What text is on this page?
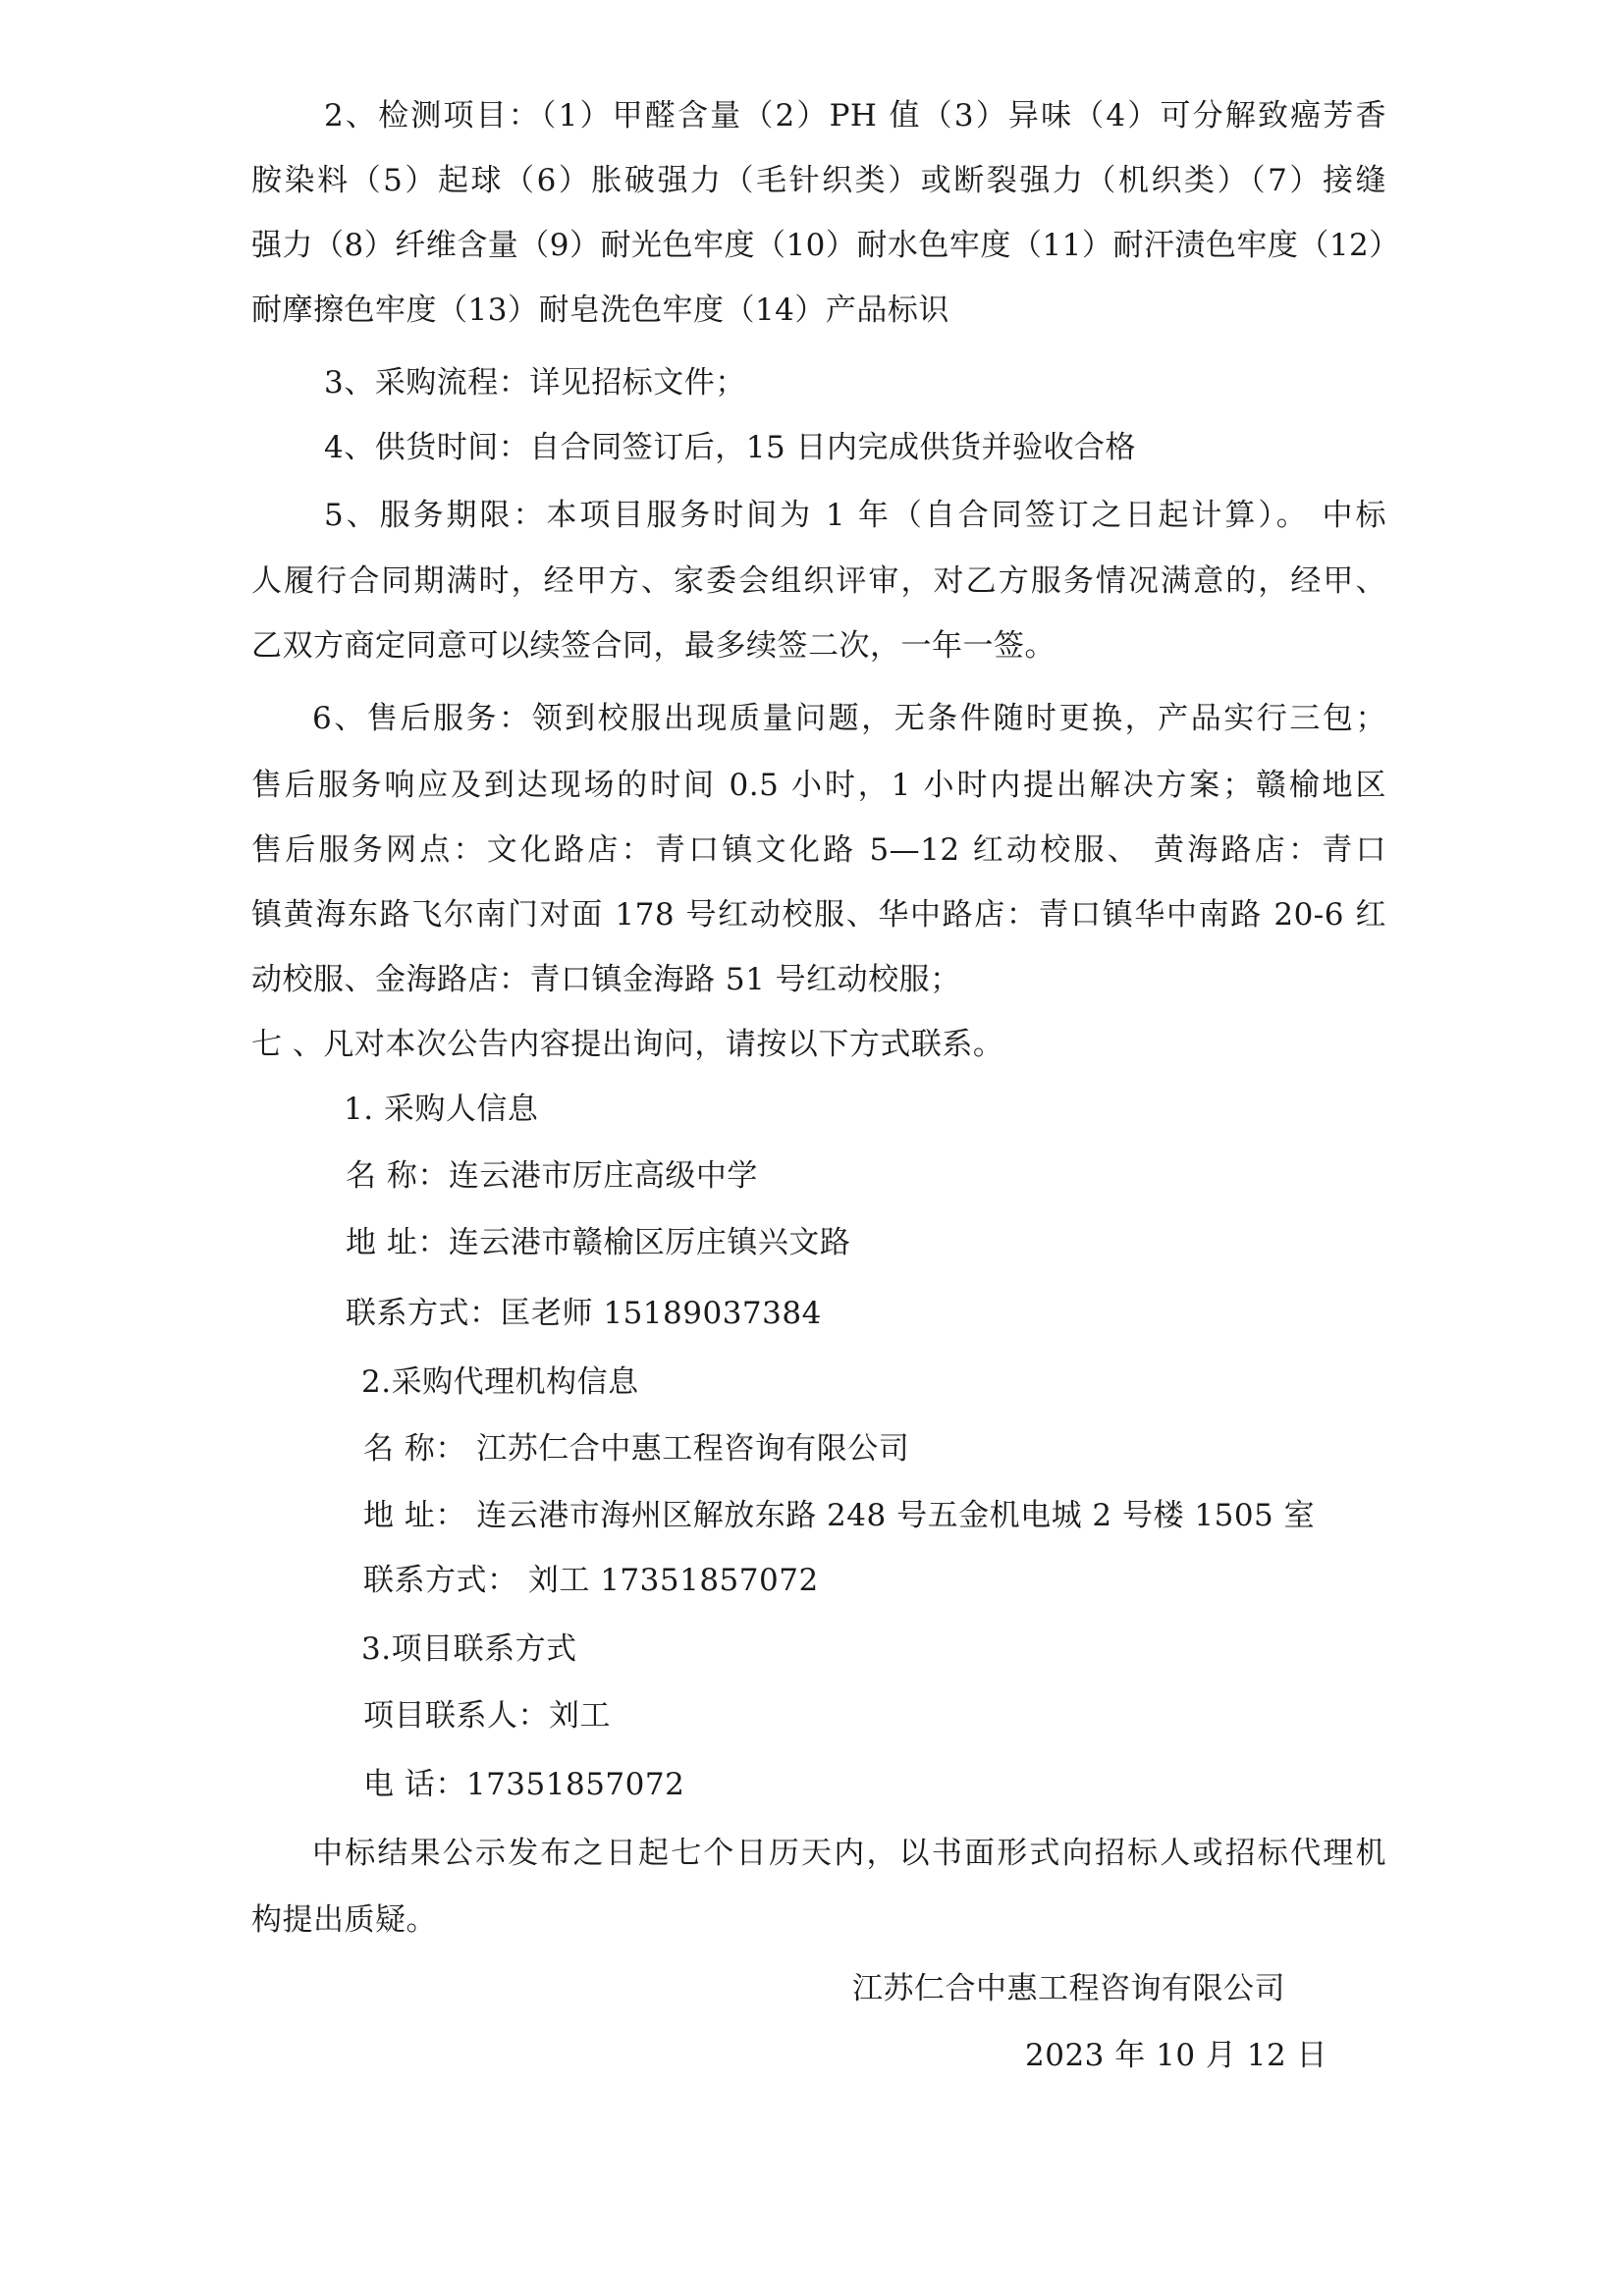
2、检测项目：（1）甲醛含量（2）PH 值（3）异味（4）可分解致癌芳香
胺染料（5）起球（6）胀破强力（毛针织类）或断裂强力（机织类）（7）接缝
强力（8）纤维含量（9）耐光色牢度（10）耐水色牢度（11）耐汗渍色牢度（12）
耐摩擦色牢度（13）耐皂洗色牢度（14）产品标识
3、采购流程：详见招标文件；
4、供货时间：自合同签订后，15 日内完成供货并验收合格
5、服务期限：本项目服务时间为 1 年（自合同签订之日起计算）。 中标
人履行合同期满时，经甲方、家委会组织评审，对乙方服务情况满意的，经甲、
乙双方商定同意可以续签合同，最多续签二次，一年一签。
6、售后服务：领到校服出现质量问题，无条件随时更换，产品实行三包；
售后服务响应及到达现场的时间 0.5 小时，1 小时内提出解决方案；赣榆地区
售后服务网点：文化路店：青口镇文化路 5—12 红动校服、 黄海路店：青口
镇黄海东路飞尔南门对面 178 号红动校服、华中路店：青口镇华中南路 20-6 红
动校服、金海路店：青口镇金海路 51 号红动校服；
七 、凡对本次公告内容提出询问，请按以下方式联系。
1. 采购人信息
名 称：连云港市厉庄高级中学
地 址：连云港市赣榆区厉庄镇兴文路
联系方式：匡老师 15189037384
2.采购代理机构信息
名 称： 江苏仁合中惠工程咨询有限公司
地 址： 连云港市海州区解放东路 248 号五金机电城 2 号楼 1505 室
联系方式： 刘工 17351857072
3.项目联系方式
项目联系人：刘工
电 话：17351857072
中标结果公示发布之日起七个日历天内，以书面形式向招标人或招标代理机
构提出质疑。
江苏仁合中惠工程咨询有限公司
2023 年 10 月 12 日
